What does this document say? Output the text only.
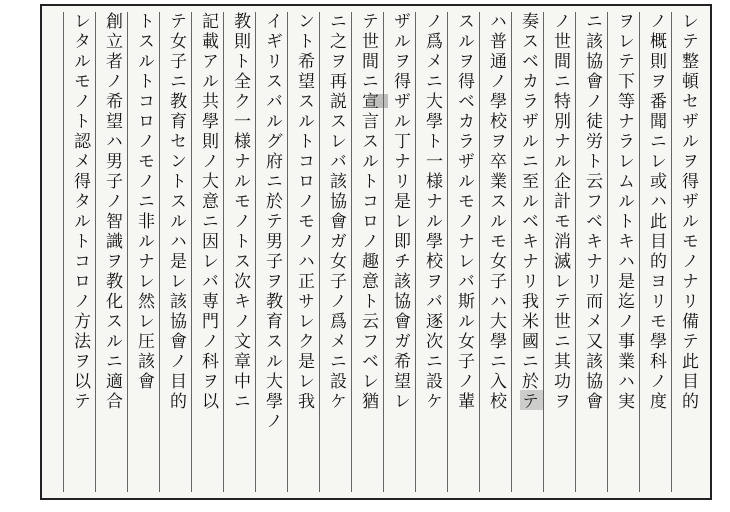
レテ整頓セザルヲ得ザルモノナリ備テ此目的
ノ概則ヲ番聞ニレ或ハ此目的ヨリモ學科ノ度
ヲレテ下等ナラレムルトキハ是迄ノ事業ハ実
ニ該協會ノ徒労ト云フベキナリ而メ又該協會
ノ世間ニ特別ナル企計モ消滅レテ世ニ其功ヲ
奏スベカラザルニ至ルベキナリ我米國ニ於テ
ハ普通ノ學校ヲ卒業スルモ女子ハ大學ニ入校
スルヲ得ベカラザルモノナレバ斯ル女子ノ輩
ノ爲メニ大學ト一様ナル學校ヲバ逐次ニ設ケ
ザルヲ得ザル丁ナリ是レ即チ該協會ガ希望レ
テ世間ニ宣言スルトコロノ趣意ト云フベレ猶
ニ之ヲ再説スレバ該協會ガ女子ノ爲メニ設ケ
ント希望スルトコロノモノハ正サレク是レ我
イギリスバルグ府ニ於テ男子ヲ教育スル大學ノ
教則ト全ク一様ナルモノトス次キノ文章中ニ
記載アル共學則ノ大意ニ因レバ専門ノ科ヲ以
テ女子ニ教育セントスルハ是レ該協會ノ目的
トスルトコロノモノニ非ルナレ然レ圧該會
創立者ノ希望ハ男子ノ智識ヲ教化スルニ適合
レタルモノト認メ得タルトコロノ方法ヲ以テ
